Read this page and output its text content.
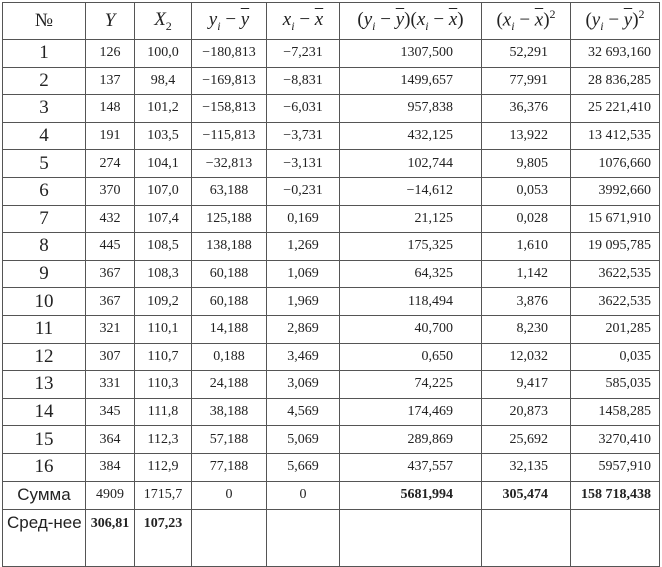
№	Y	$X_2$	$y_i - \overline{y}$	$x_i - \overline{x}$	$(y_i - \overline{y})(x_i - \overline{x})$	$(x_i - \overline{x})^2$	$(y_i - \overline{y})^2$
1	126	100,0	−180,813	−7,231	1307,500	52,291	32 693,160
2	137	98,4	−169,813	−8,831	1499,657	77,991	28 836,285
3	148	101,2	−158,813	−6,031	957,838	36,376	25 221,410
4	191	103,5	−115,813	−3,731	432,125	13,922	13 412,535
5	274	104,1	−32,813	−3,131	102,744	9,805	1076,660
6	370	107,0	63,188	−0,231	−14,612	0,053	3992,660
7	432	107,4	125,188	0,169	21,125	0,028	15 671,910
8	445	108,5	138,188	1,269	175,325	1,610	19 095,785
9	367	108,3	60,188	1,069	64,325	1,142	3622,535
10	367	109,2	60,188	1,969	118,494	3,876	3622,535
11	321	110,1	14,188	2,869	40,700	8,230	201,285
12	307	110,7	0,188	3,469	0,650	12,032	0,035
13	331	110,3	24,188	3,069	74,225	9,417	585,035
14	345	111,8	38,188	4,569	174,469	20,873	1458,285
15	364	112,3	57,188	5,069	289,869	25,692	3270,410
16	384	112,9	77,188	5,669	437,557	32,135	5957,910
Сумма	4909	1715,7	0	0	5681,994	305,474	158 718,438
Сред-нее	306,81	107,23					
